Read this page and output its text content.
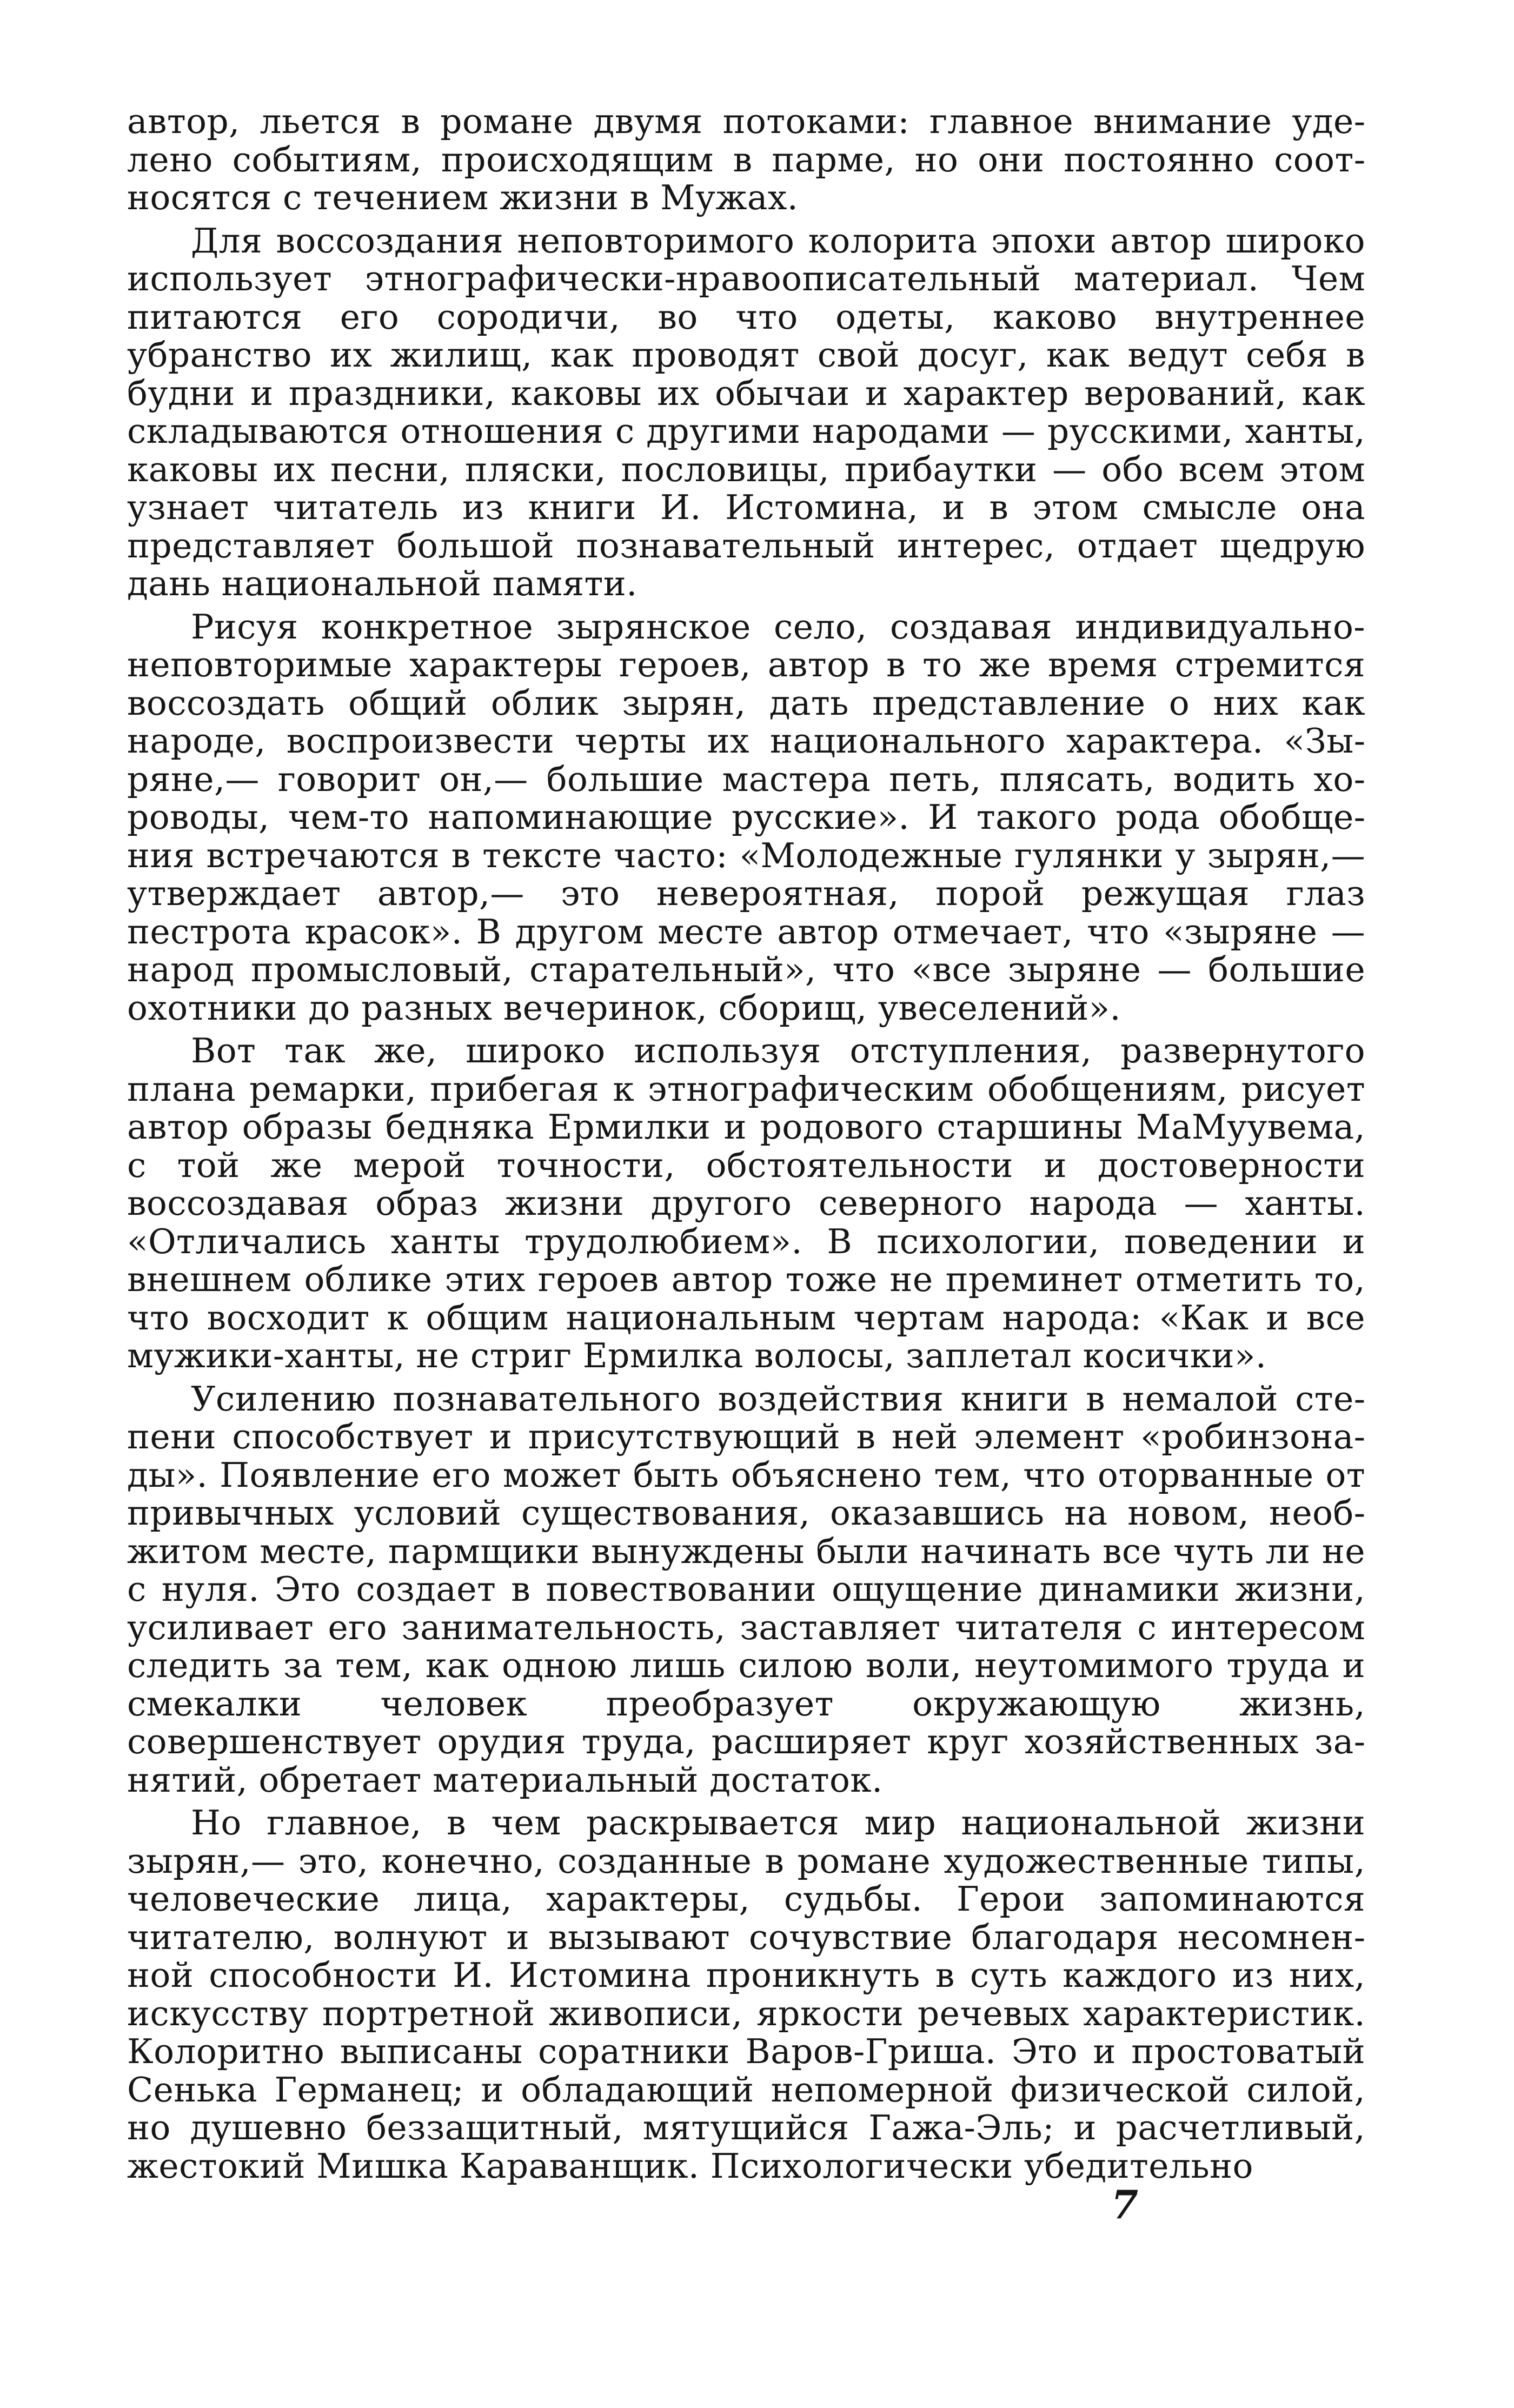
автор, льется в романе двумя потоками: главное внимание уделено событиям, происходящим в парме, но они постоянно соотносятся с течением жизни в Мужах.

Для воссоздания неповторимого колорита эпохи автор широко использует этнографически-нравоописательный материал. Чем питаются его сородичи, во что одеты, каково внутреннее убранство их жилищ, как проводят свой досуг, как ведут себя в будни и праздники, каковы их обычаи и характер верований, как складываются отношения с другими народами — русскими, ханты, каковы их песни, пляски, пословицы, прибаутки — обо всем этом узнает читатель из книги И. Истомина, и в этом смысле она представляет большой познавательный интерес, отдает щедрую дань национальной памяти.

Рисуя конкретное зырянское село, создавая индивидуально-неповторимые характеры героев, автор в то же время стремится воссоздать общий облик зырян, дать представление о них как народе, воспроизвести черты их национального характера. «Зыряне,— говорит он,— большие мастера петь, плясать, водить хороводы, чем-то напоминающие русские». И такого рода обобщения встречаются в тексте часто: «Молодежные гулянки у зырян,— утверждает автор,— это невероятная, порой режущая глаз пестрота красок». В другом месте автор отмечает, что «зыряне — народ промысловый, старательный», что «все зыряне — большие охотники до разных вечеринок, сборищ, увеселений».

Вот так же, широко используя отступления, развернутого плана ремарки, прибегая к этнографическим обобщениям, рисует автор образы бедняка Ермилки и родового старшины МаМуувема, с той же мерой точности, обстоятельности и достоверности воссоздавая образ жизни другого северного народа — ханты. «Отличались ханты трудолюбием». В психологии, поведении и внешнем облике этих героев автор тоже не преминет отметить то, что восходит к общим национальным чертам народа: «Как и все мужики-ханты, не стриг Ермилка волосы, заплетал косички».

Усилению познавательного воздействия книги в немалой степени способствует и присутствующий в ней элемент «робинзонады». Появление его может быть объяснено тем, что оторванные от привычных условий существования, оказавшись на новом, необжитом месте, пармщики вынуждены были начинать все чуть ли не с нуля. Это создает в повествовании ощущение динамики жизни, усиливает его занимательность, заставляет читателя с интересом следить за тем, как одною лишь силою воли, неутомимого труда и смекалки человек преобразует окружающую жизнь, совершенствует орудия труда, расширяет круг хозяйственных занятий, обретает материальный достаток.

Но главное, в чем раскрывается мир национальной жизни зырян,— это, конечно, созданные в романе художественные типы, человеческие лица, характеры, судьбы. Герои запоминаются читателю, волнуют и вызывают сочувствие благодаря несомненной способности И. Истомина проникнуть в суть каждого из них, искусству портретной живописи, яркости речевых характеристик. Колоритно выписаны соратники Варов-Гриша. Это и простоватый Сенька Германец; и обладающий непомерной физической силой, но душевно беззащитный, мятущийся Гажа-Эль; и расчетливый, жестокий Мишка Караванщик. Психологически убедительно

7
